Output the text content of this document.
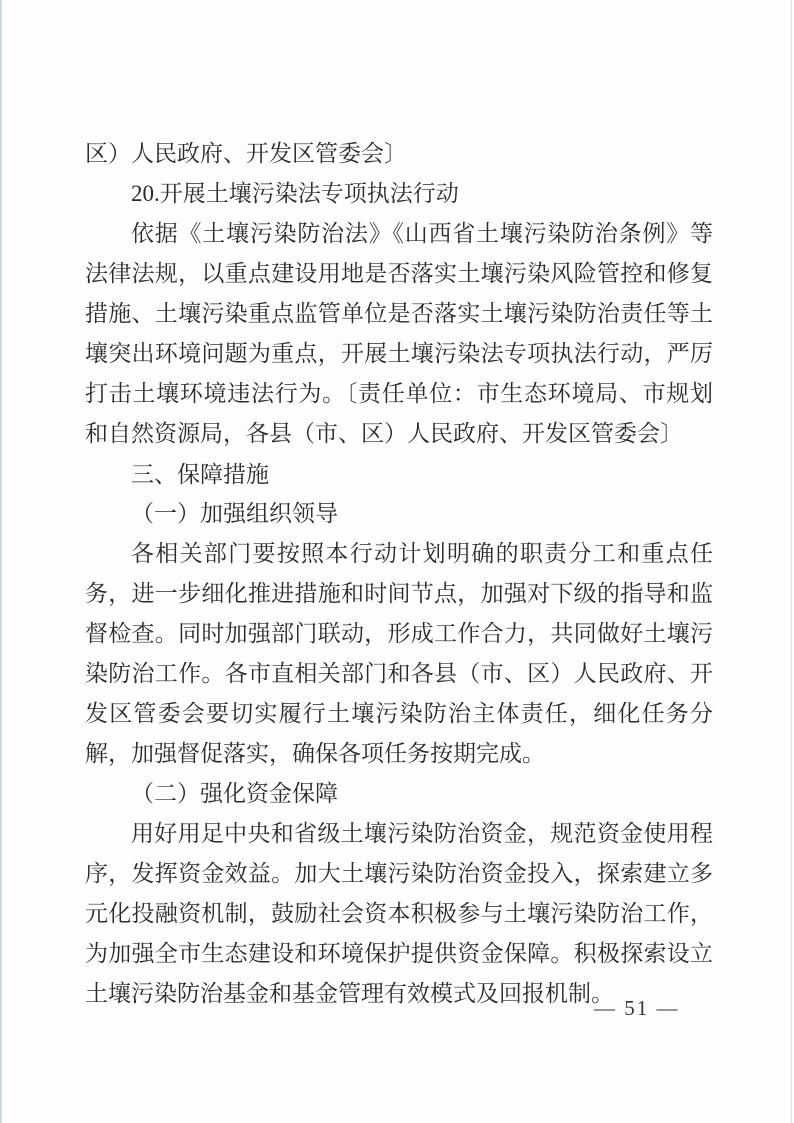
区）人民政府、开发区管委会〕

20.开展土壤污染法专项执法行动

依据《土壤污染防治法》《山西省土壤污染防治条例》等法律法规，以重点建设用地是否落实土壤污染风险管控和修复措施、土壤污染重点监管单位是否落实土壤污染防治责任等土壤突出环境问题为重点，开展土壤污染法专项执法行动，严厉打击土壤环境违法行为。〔责任单位：市生态环境局、市规划和自然资源局，各县（市、区）人民政府、开发区管委会〕

三、保障措施
（一）加强组织领导

各相关部门要按照本行动计划明确的职责分工和重点任务，进一步细化推进措施和时间节点，加强对下级的指导和监督检查。同时加强部门联动，形成工作合力，共同做好土壤污染防治工作。各市直相关部门和各县（市、区）人民政府、开发区管委会要切实履行土壤污染防治主体责任，细化任务分解，加强督促落实，确保各项任务按期完成。

（二）强化资金保障

用好用足中央和省级土壤污染防治资金，规范资金使用程序，发挥资金效益。加大土壤污染防治资金投入，探索建立多元化投融资机制，鼓励社会资本积极参与土壤污染防治工作，为加强全市生态建设和环境保护提供资金保障。积极探索设立土壤污染防治基金和基金管理有效模式及回报机制。

— 51 —
